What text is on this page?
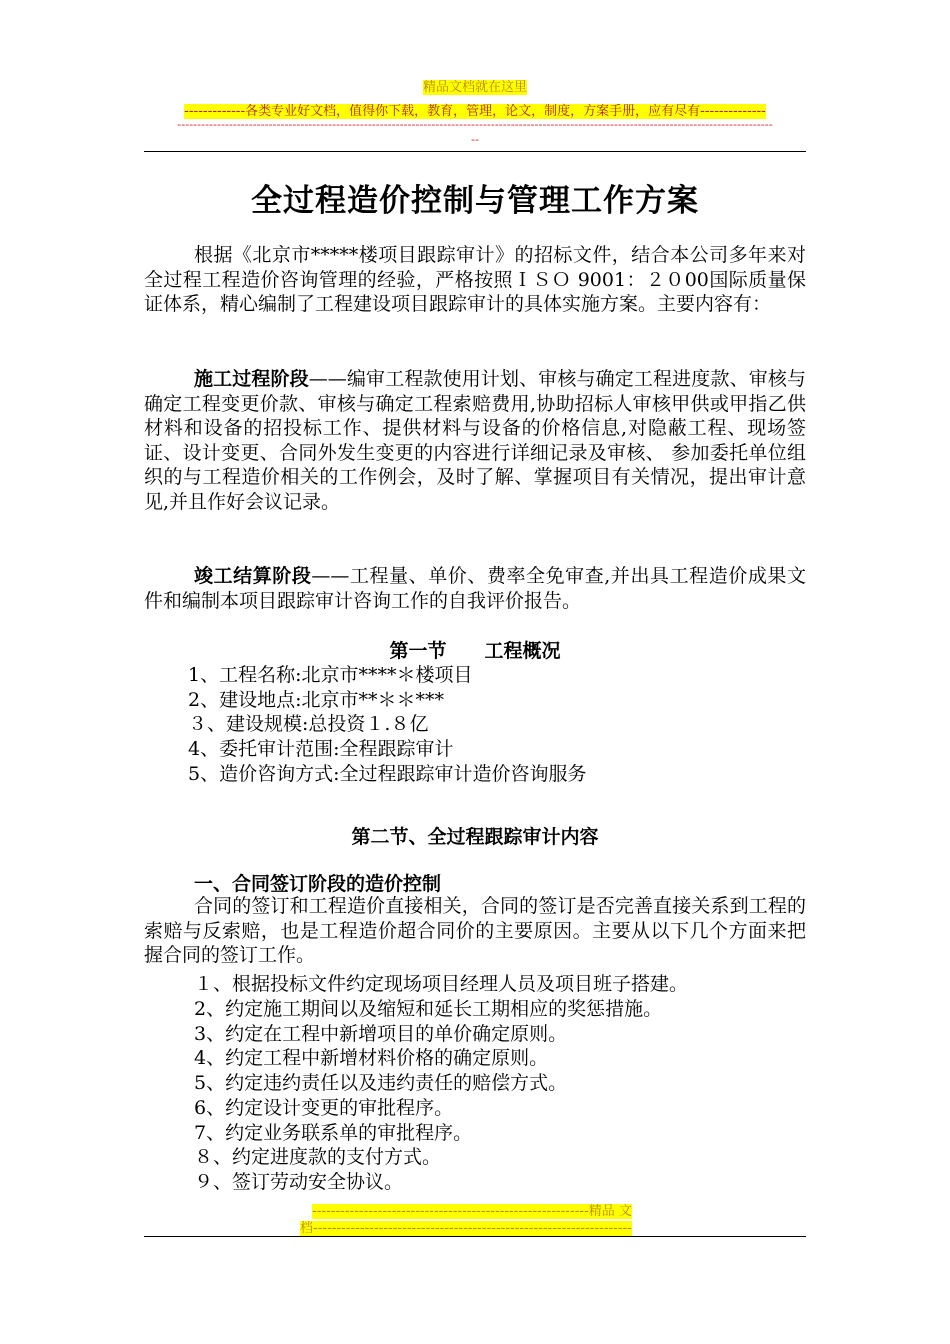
精品文档就在这里
-------------各类专业好文档，值得你下载，教育，管理，论文，制度，方案手册，应有尽有--------------
------------------------------------------------------------------------------------------------------------------------------------------------------
--
全过程造价控制与管理工作方案
根据《北京市*****楼项目跟踪审计》的招标文件，结合本公司多年来对全过程工程造价咨询管理的经验，严格按照ＩＳＯ 9001：２０00国际质量保证体系，精心编制了工程建设项目跟踪审计的具体实施方案。主要内容有：
施工过程阶段——编审工程款使用计划、审核与确定工程进度款、审核与确定工程变更价款、审核与确定工程索赔费用,协助招标人审核甲供或甲指乙供材料和设备的招投标工作、提供材料与设备的价格信息,对隐蔽工程、现场签证、设计变更、合同外发生变更的内容进行详细记录及审核、 参加委托单位组织的与工程造价相关的工作例会，及时了解、掌握项目有关情况，提出审计意见,并且作好会议记录。
竣工结算阶段——工程量、单价、费率全免审查,并出具工程造价成果文件和编制本项目跟踪审计咨询工作的自我评价报告。
第一节　　工程概况
1、工程名称:北京市****＊楼项目
2、建设地点:北京市**＊＊***
３、建设规模:总投资１.８亿
4、委托审计范围:全程跟踪审计
5、造价咨询方式:全过程跟踪审计造价咨询服务
第二节、全过程跟踪审计内容
一、合同签订阶段的造价控制
合同的签订和工程造价直接相关，合同的签订是否完善直接关系到工程的索赔与反索赔，也是工程造价超合同价的主要原因。主要从以下几个方面来把握合同的签订工作。
１、根据投标文件约定现场项目经理人员及项目班子搭建。
2、约定施工期间以及缩短和延长工期相应的奖惩措施。
3、约定在工程中新增项目的单价确定原则。
4、约定工程中新增材料价格的确定原则。
5、约定违约责任以及违约责任的赔偿方式。
6、约定设计变更的审批程序。
7、约定业务联系单的审批程序。
８、约定进度款的支付方式。
９、签订劳动安全协议。
-----------------------------------------------------------精品 文
档--------------------------------------------------------------------
